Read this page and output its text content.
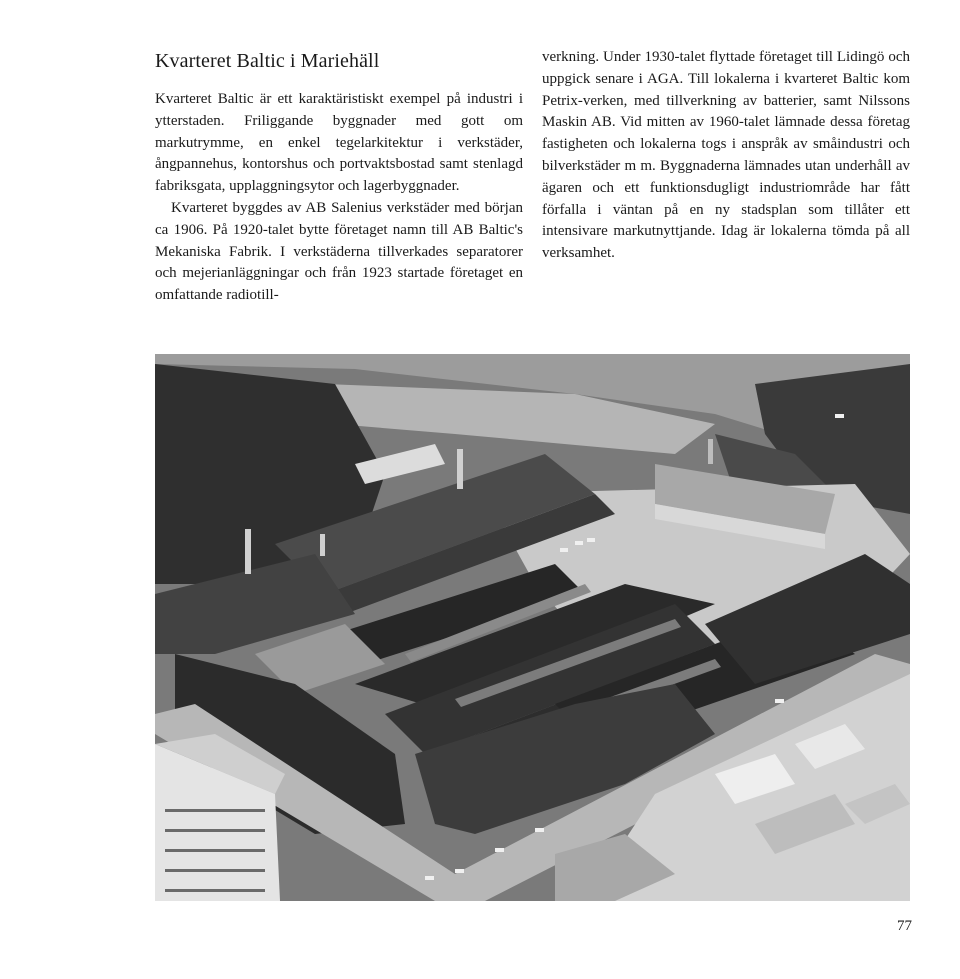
Kvarteret Baltic i Mariehäll

Kvarteret Baltic är ett karaktäristiskt exempel på industri i ytterstaden. Friliggande byggnader med gott om markutrymme, en enkel tegelarkitektur i verkstäder, ångpannehus, kontorshus och portvaktsbostad samt stenlagd fabriksgata, upplaggningsytor och lagerbyggnader.

Kvarteret byggdes av AB Salenius verkstäder med början ca 1906. På 1920-talet bytte företaget namn till AB Baltic's Mekaniska Fabrik. I verkstäderna tillverkades separatorer och mejerianläggningar och från 1923 startade företaget en omfattande radiotill-

verkning. Under 1930-talet flyttade företaget till Lidingö och uppgick senare i AGA. Till lokalerna i kvarteret Baltic kom Petrix-verken, med tillverkning av batterier, samt Nilssons Maskin AB. Vid mitten av 1960-talet lämnade dessa företag fastigheten och lokalerna togs i anspråk av småindustri och bilverkstäder m m. Byggnaderna lämnades utan underhåll av ägaren och ett funktionsdugligt industriområde har fått förfalla i väntan på en ny stadsplan som tillåter ett intensivare markutnyttjande. Idag är lokalerna tömda på all verksamhet.

77
